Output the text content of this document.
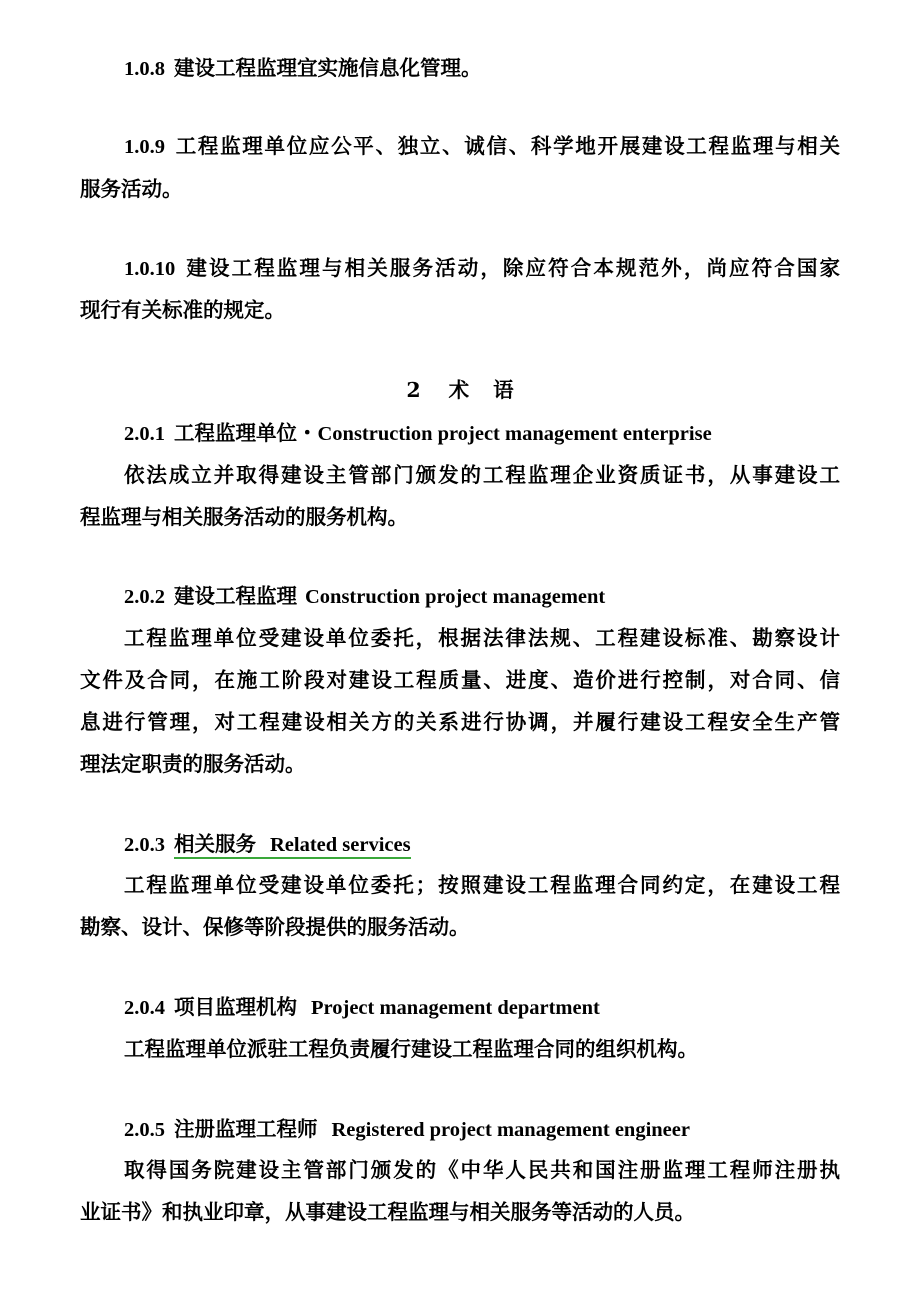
1.0.8 建设工程监理宜实施信息化管理。
1.0.9 工程监理单位应公平、独立、诚信、科学地开展建设工程监理与相关
服务活动。
1.0.10 建设工程监理与相关服务活动，除应符合本规范外，尚应符合国家
现行有关标准的规定。
2 术 语
2.0.1 工程监理单位・Construction project management enterprise
依法成立并取得建设主管部门颁发的工程监理企业资质证书，从事建设工
程监理与相关服务活动的服务机构。
2.0.2 建设工程监理 Construction project management
工程监理单位受建设单位委托，根据法律法规、工程建设标准、勘察设计
文件及合同，在施工阶段对建设工程质量、进度、造价进行控制，对合同、信
息进行管理，对工程建设相关方的关系进行协调，并履行建设工程安全生产管
理法定职责的服务活动。
2.0.3 相关服务 Related services
工程监理单位受建设单位委托；按照建设工程监理合同约定，在建设工程
勘察、设计、保修等阶段提供的服务活动。
2.0.4 项目监理机构 Project management department
工程监理单位派驻工程负责履行建设工程监理合同的组织机构。
2.0.5 注册监理工程师 Registered project management engineer
取得国务院建设主管部门颁发的《中华人民共和国注册监理工程师注册执
业证书》和执业印章，从事建设工程监理与相关服务等活动的人员。
